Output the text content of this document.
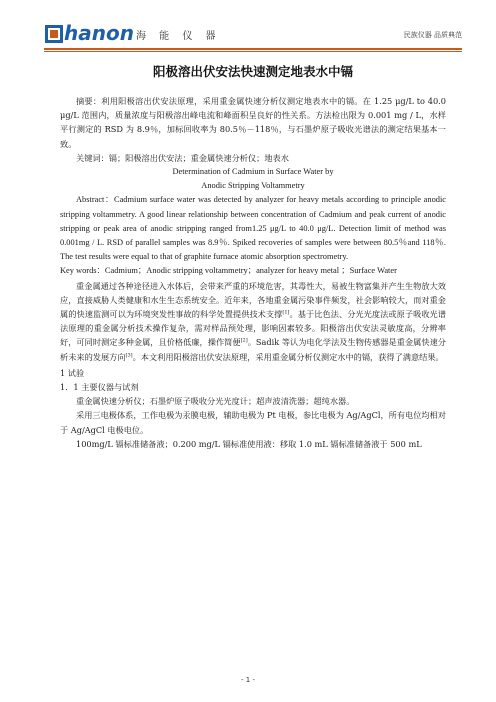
hanon 海 能 仪 器	民族仪器 品质典范
阳极溶出伏安法快速测定地表水中镉

摘要：利用阳极溶出伏安法原理，采用重金属快速分析仪测定地表水中的镉。在 1.25 μg/L to 40.0 μg/L 范围内，质量浓度与阳极溶出峰电流和峰面积呈良好的性关系。方法检出限为 0.001 mg / L，水样平行测定的 RSD 为 8.9％，加标回收率为 80.5％－118％，与石墨炉原子吸收光谱法的测定结果基本一致。

关键词：镉；阳极溶出伏安法；重金属快速分析仪；地表水

Determination of Cadmium in Surface Water by

Anodic Stripping Voltammetry

Abstract：Cadmium surface water was detected by analyzer for heavy metals according to principle anodic stripping voltammetry. A good linear relationship between concentration of Cadmium and peak current of anodic stripping or peak area of anodic stripping ranged from1.25 μg/L to 40.0 μg/L. Detection limit of method was 0.001mg / L. RSD of parallel samples was 8.9％. Spiked recoveries of samples were between 80.5％and 118％. The test results were equal to that of graphite furnace atomic absorption spectrometry.

Key words：Cadmium；Anodic stripping voltammetry；analyzer for heavy metal ；Surface Water

重金属通过各种途径进入水体后，会带来严重的环境危害，其毒性大，易被生物富集并产生生物放大效应，直接威胁人类健康和水生生态系统安全。近年来，各地重金属污染事件频发，社会影响较大，而对重金属的快速监测可以为环境突发性事故的科学处置提供技术支撑[1]。基于比色法、分光光度法或原子吸收光谱法原理的重金属分析技术操作复杂，需对样品预处理，影响因素较多。阳极溶出伏安法灵敏度高，分辨率好，可同时测定多种金属，且价格低廉，操作简便[2]。Sadik 等认为电化学法及生物传感器是重金属快速分析未来的发展方向[3]。本文利用阳极溶出伏安法原理，采用重金属分析仪测定水中的镉，获得了满意结果。

1 试验

1．1 主要仪器与试剂

重金属快速分析仪；石墨炉原子吸收分光光度计；超声波清洗器；超纯水器。

采用三电极体系，工作电极为汞膜电极，辅助电极为 Pt 电极，参比电极为 Ag/AgCl，所有电位均相对于 Ag/AgCl 电极电位。

100mg/L 镉标准储备液；0.200 mg/L 镉标准使用液：移取 1.0 mL 镉标准储备液于 500 mL

- 1 -
